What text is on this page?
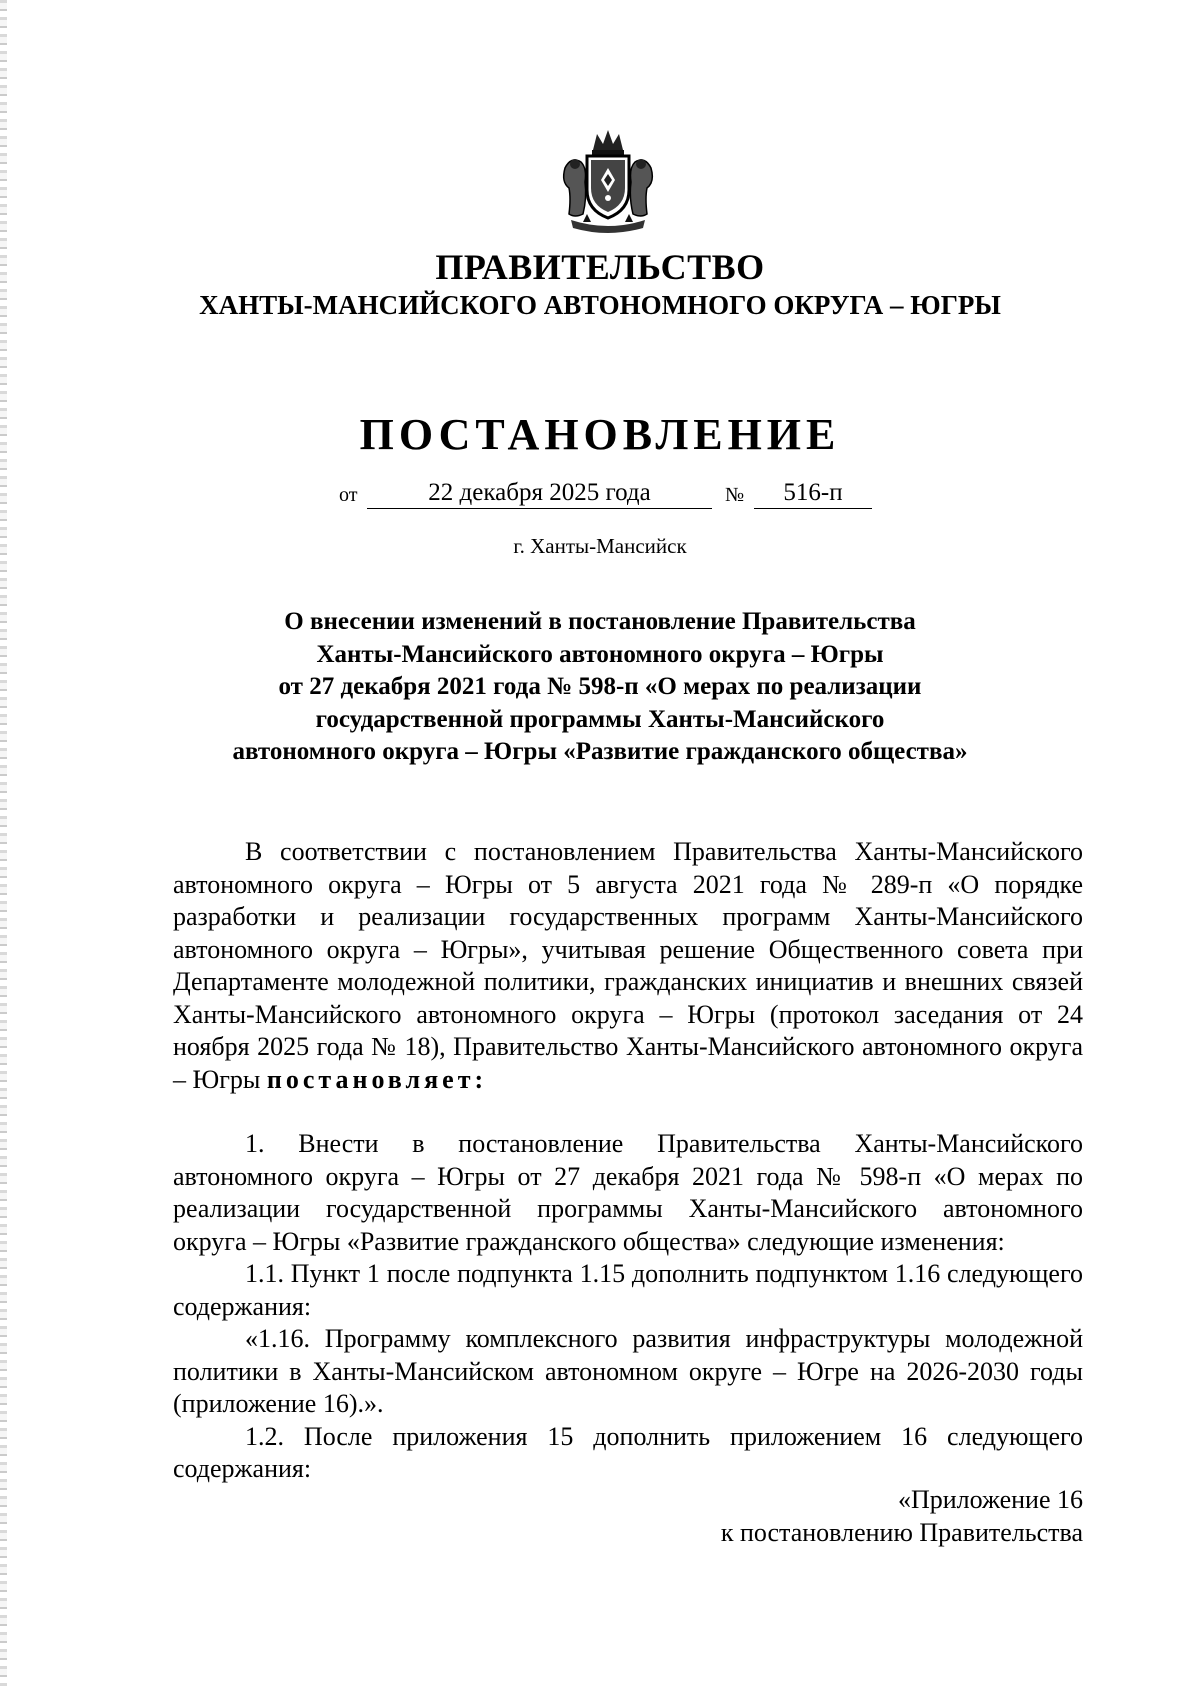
ПРАВИТЕЛЬСТВО
ХАНТЫ-МАНСИЙСКОГО АВТОНОМНОГО ОКРУГА – ЮГРЫ
ПОСТАНОВЛЕНИЕ
от	22 декабря 2025 года	№	516-п
г. Ханты-Мансийск
О внесении изменений в постановление Правительства
Ханты-Мансийского автономного округа – Югры
от 27 декабря 2021 года № 598-п «О мерах по реализации
государственной программы Ханты-Мансийского
автономного округа – Югры «Развитие гражданского общества»

В соответствии с постановлением Правительства Ханты-Мансийского автономного округа – Югры от 5 августа 2021 года № 289-п «О порядке разработки и реализации государственных программ Ханты-Мансийского автономного округа – Югры», учитывая решение Общественного совета при Департаменте молодежной политики, гражданских инициатив и внешних связей Ханты-Мансийского автономного округа – Югры (протокол заседания от 24 ноября 2025 года № 18), Правительство Ханты-Мансийского автономного округа – Югры постановляет:

1. Внести в постановление Правительства Ханты-Мансийского автономного округа – Югры от 27 декабря 2021 года № 598-п «О мерах по реализации государственной программы Ханты-Мансийского автономного округа – Югры «Развитие гражданского общества» следующие изменения:

1.1. Пункт 1 после подпункта 1.15 дополнить подпунктом 1.16 следующего содержания:

«1.16. Программу комплексного развития инфраструктуры молодежной политики в Ханты-Мансийском автономном округе – Югре на 2026-2030 годы (приложение 16).».

1.2. После приложения 15 дополнить приложением 16 следующего содержания:

«Приложение 16
к постановлению Правительства
